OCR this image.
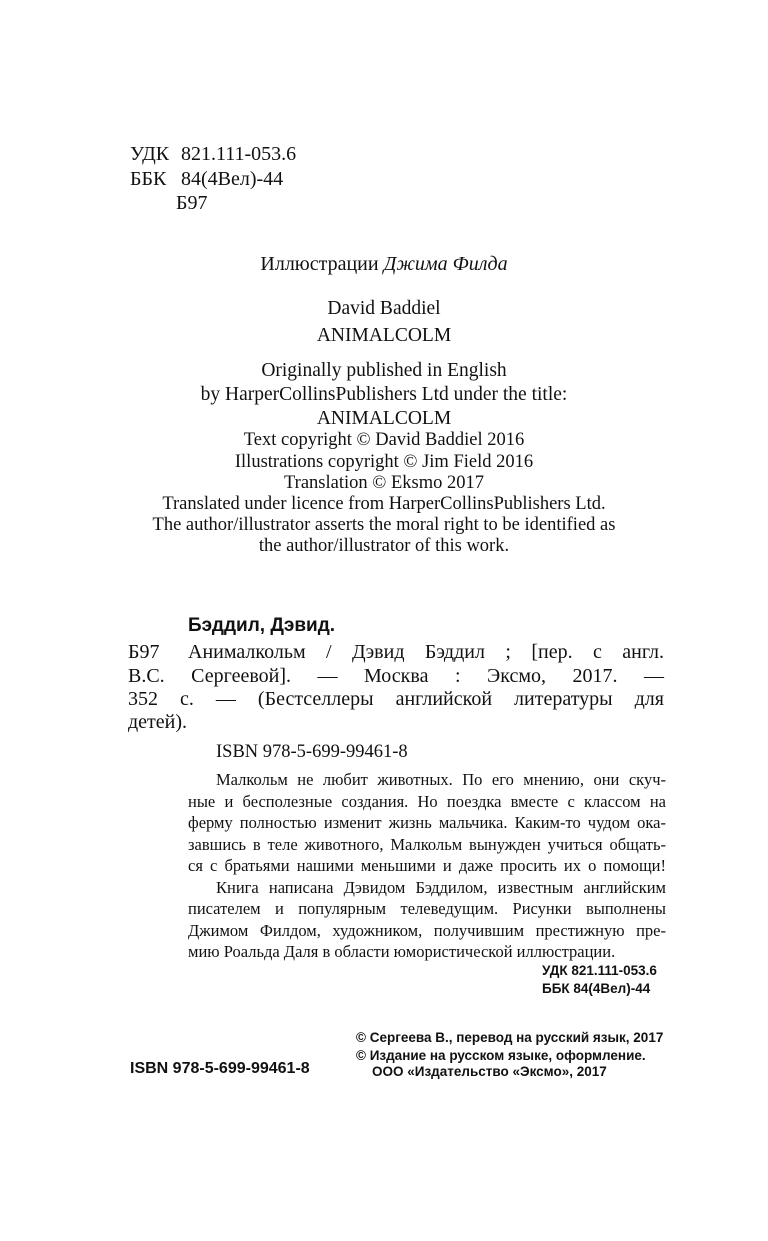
УДК 821.111-053.6
ББК 84(4Вел)-44
Б97
Иллюстрации Джима Филда
David Baddiel
ANIMALCOLM
Originally published in English
by HarperCollinsPublishers Ltd under the title:
ANIMALCOLM
Text copyright © David Baddiel 2016
Illustrations copyright © Jim Field 2016
Translation © Eksmo 2017
Translated under licence from HarperCollinsPublishers Ltd.
The author/illustrator asserts the moral right to be identified as
the author/illustrator of this work.
Бэддил, Дэвид.
Б97 Анималкольм / Дэвид Бэддил ; [пер. с англ.
В.С. Сергеевой]. — Москва : Эксмо, 2017. —
352 с. — (Бестселлеры английской литературы для
детей).
ISBN 978-5-699-99461-8
Малкольм не любит животных. По его мнению, они скуч-
ные и бесполезные создания. Но поездка вместе с классом на
ферму полностью изменит жизнь мальчика. Каким-то чудом ока-
завшись в теле животного, Малкольм вынужден учиться общать-
ся с братьями нашими меньшими и даже просить их о помощи!
Книга написана Дэвидом Бэддилом, известным английским
писателем и популярным телеведущим. Рисунки выполнены
Джимом Филдом, художником, получившим престижную пре-
мию Роальда Даля в области юмористической иллюстрации.
УДК 821.111-053.6
ББК 84(4Вел)-44
© Сергеева В., перевод на русский язык, 2017
© Издание на русском языке, оформление.
ООО «Издательство «Эксмо», 2017
ISBN 978-5-699-99461-8
